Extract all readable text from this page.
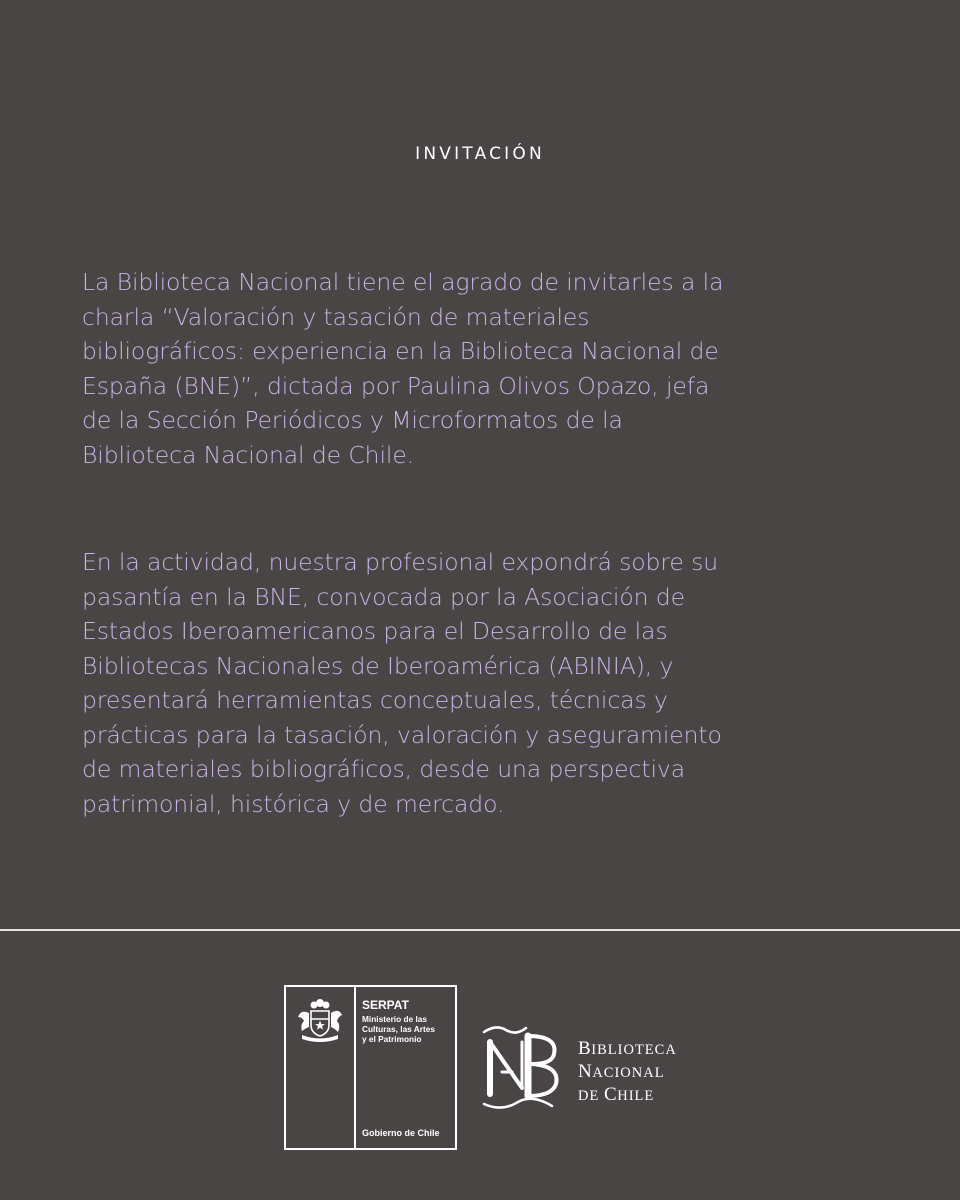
INVITACIÓN
La Biblioteca Nacional tiene el agrado de invitarles a la
charla “Valoración y tasación de materiales
bibliográficos: experiencia en la Biblioteca Nacional de
España (BNE)”, dictada por Paulina Olivos Opazo, jefa
de la Sección Periódicos y Microformatos de la
Biblioteca Nacional de Chile.
En la actividad, nuestra profesional expondrá sobre su
pasantía en la BNE, convocada por la Asociación de
Estados Iberoamericanos para el Desarrollo de las
Bibliotecas Nacionales de Iberoamérica (ABINIA), y
presentará herramientas conceptuales, técnicas y
prácticas para la tasación, valoración y aseguramiento
de materiales bibliográficos, desde una perspectiva
patrimonial, histórica y de mercado.
SERPAT
Ministerio de las
Culturas, las Artes
y el Patrimonio
Gobierno de Chile
BIBLIOTECA
NACIONAL
DE CHILE
